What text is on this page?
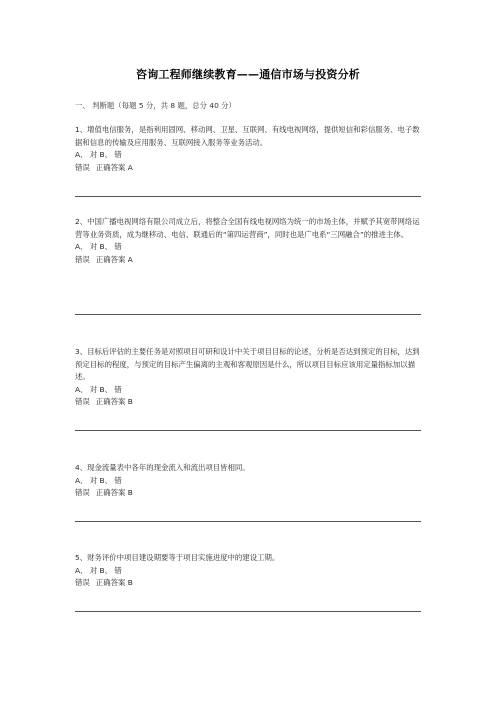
咨询工程师继续教育——通信市场与投资分析
一、 判断题（每题 5 分，共 8 题，总分 40 分）

1、增值电信服务，是指利用固网、移动网、卫星、互联网、有线电视网络，提供短信和彩信服务、电子数据和信息的传输及应用服务、互联网接入服务等业务活动。

A、 对 B、 错

错误 正确答案 A

2、中国广播电视网络有限公司成立后，将整合全国有线电视网络为统一的市场主体，并赋予其宽带网络运营等业务资质，成为继移动、电信、联通后的“第四运营商”，同时也是广电系“三网融合”的推进主体。

A、 对 B、 错

错误 正确答案 A

3、目标后评估的主要任务是对照项目可研和设计中关于项目目标的论述，分析是否达到预定的目标，达到预定目标的程度，与预定的目标产生偏离的主观和客观原因是什么，所以项目目标应该用定量指标加以描述。

A、 对 B、 错

错误 正确答案 B

4、现金流量表中各年的现金流入和流出项目皆相同。

A、 对 B、 错

错误 正确答案 B

5、财务评价中项目建设期要等于项目实施进度中的建设工期。

A、 对 B、 错

错误 正确答案 B
